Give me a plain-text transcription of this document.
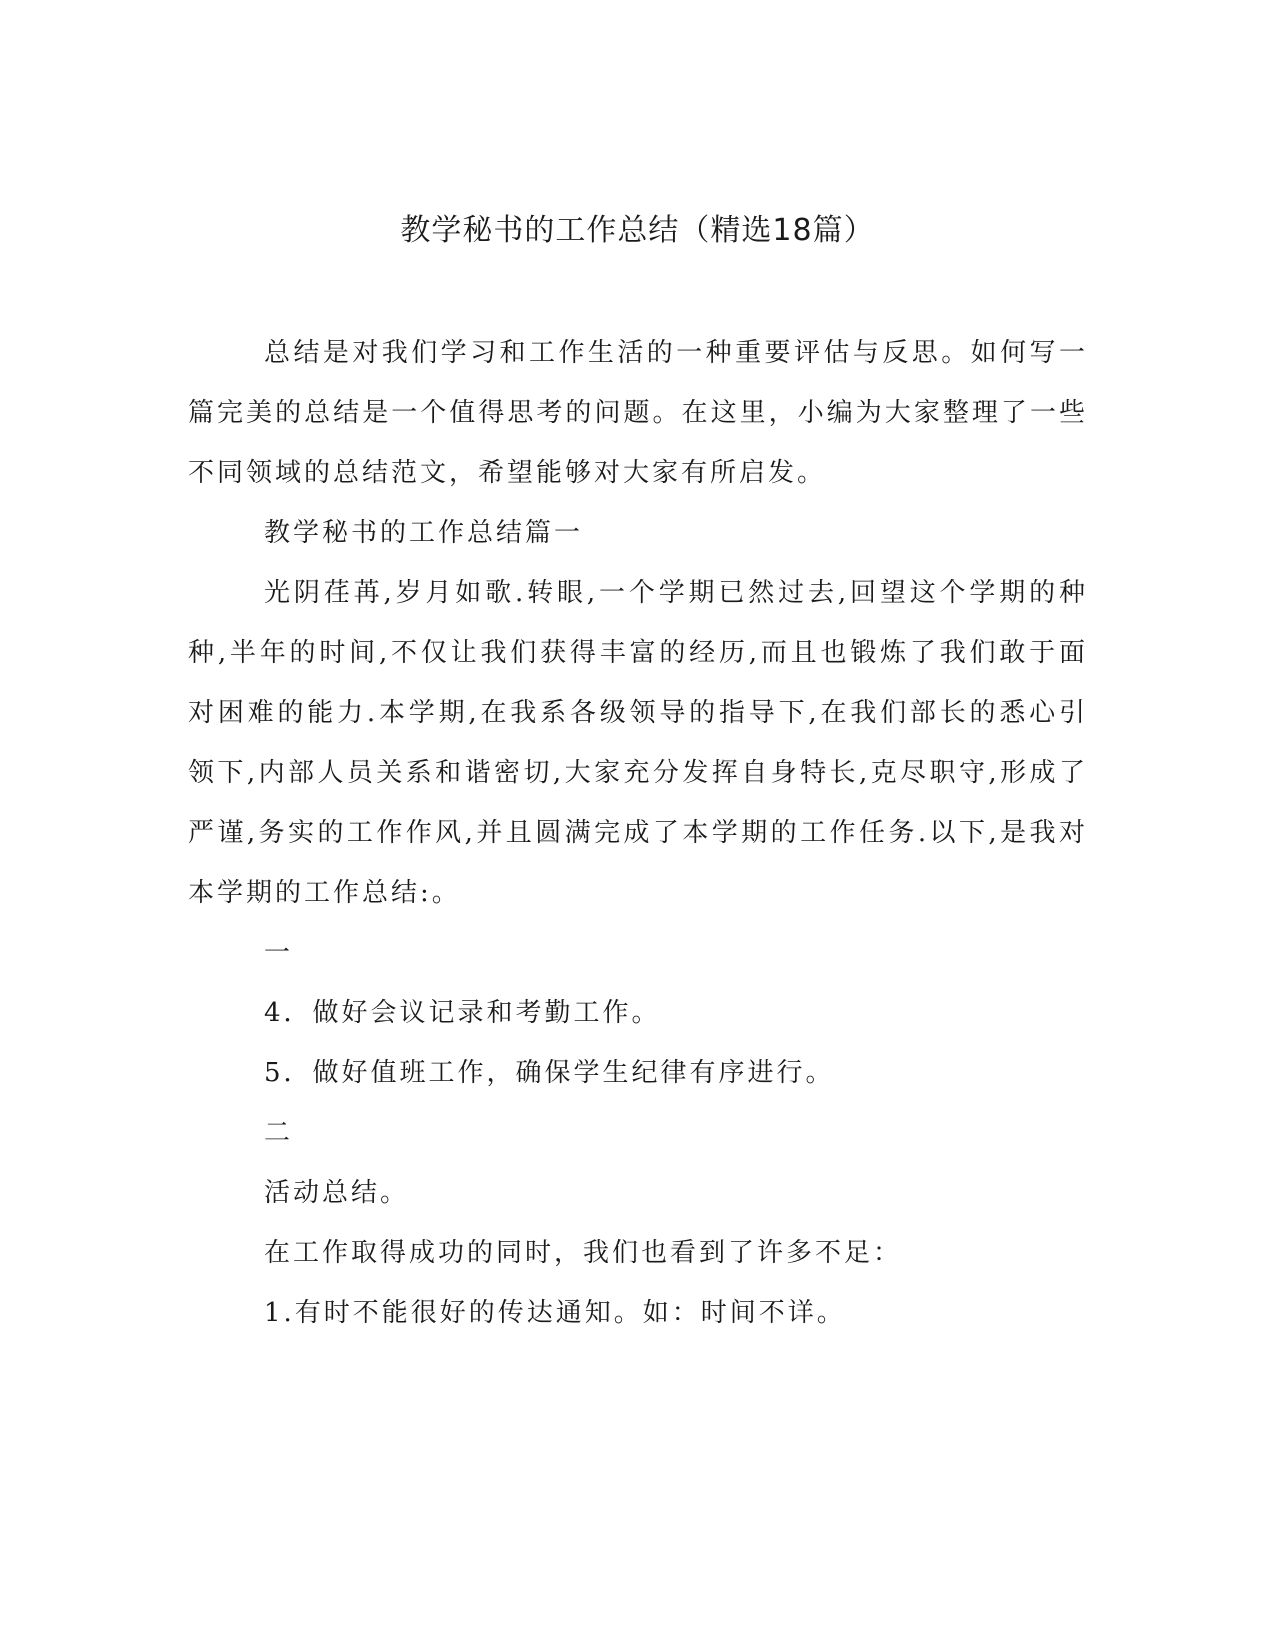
教学秘书的工作总结（精选18篇）

总结是对我们学习和工作生活的一种重要评估与反思。如何写一篇完美的总结是一个值得思考的问题。在这里，小编为大家整理了一些不同领域的总结范文，希望能够对大家有所启发。

教学秘书的工作总结篇一

光阴荏苒,岁月如歌.转眼,一个学期已然过去,回望这个学期的种种,半年的时间,不仅让我们获得丰富的经历,而且也锻炼了我们敢于面对困难的能力.本学期,在我系各级领导的指导下,在我们部长的悉心引领下,内部人员关系和谐密切,大家充分发挥自身特长,克尽职守,形成了严谨,务实的工作作风,并且圆满完成了本学期的工作任务.以下,是我对本学期的工作总结:。

一

4．做好会议记录和考勤工作。

5．做好值班工作，确保学生纪律有序进行。

二

活动总结。

在工作取得成功的同时，我们也看到了许多不足：

1.有时不能很好的传达通知。如：时间不详。
